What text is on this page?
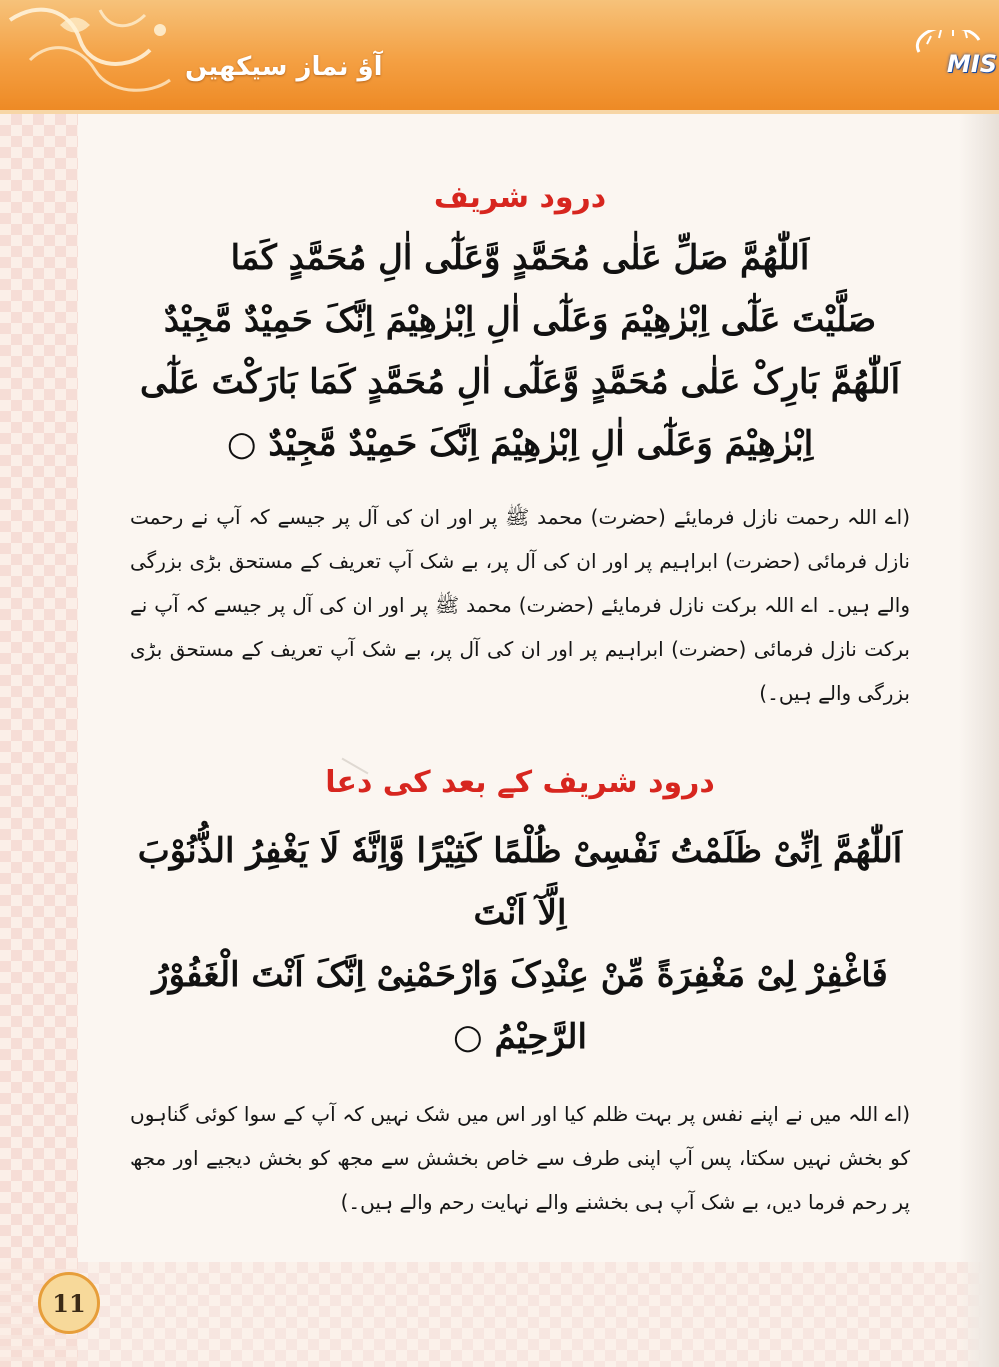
آؤ نماز سیکھیں	MIS
درود شریف
اَللّٰهُمَّ صَلِّ عَلٰی مُحَمَّدٍ وَّعَلٰٓی اٰلِ مُحَمَّدٍ کَمَا
صَلَّیْتَ عَلٰٓی اِبْرٰهِیْمَ وَعَلٰٓی اٰلِ اِبْرٰهِیْمَ اِنَّکَ حَمِیْدٌ مَّجِیْدٌ
اَللّٰهُمَّ بَارِکْ عَلٰی مُحَمَّدٍ وَّعَلٰٓی اٰلِ مُحَمَّدٍ کَمَا بَارَکْتَ عَلٰٓی
اِبْرٰهِیْمَ وَعَلٰٓی اٰلِ اِبْرٰهِیْمَ اِنَّکَ حَمِیْدٌ مَّجِیْدٌ ○

(اے اللہ رحمت نازل فرمایئے (حضرت) محمد ﷺ پر اور ان کی آل پر جیسے کہ آپ نے رحمت نازل فرمائی (حضرت) ابراہیم پر اور ان کی آل پر، بے شک آپ تعریف کے مستحق بڑی بزرگی والے ہیں۔ اے اللہ برکت نازل فرمایئے (حضرت) محمد ﷺ پر اور ان کی آل پر جیسے کہ آپ نے برکت نازل فرمائی (حضرت) ابراہیم پر اور ان کی آل پر، بے شک آپ تعریف کے مستحق بڑی بزرگی والے ہیں۔)

درود شریف کے بعد کی دعا
اَللّٰهُمَّ اِنِّیْ ظَلَمْتُ نَفْسِیْ ظُلْمًا کَثِیْرًا وَّاِنَّهٗ لَا یَغْفِرُ الذُّنُوْبَ اِلَّآ اَنْتَ
فَاغْفِرْ لِیْ مَغْفِرَةً مِّنْ عِنْدِکَ وَارْحَمْنِیْ اِنَّکَ اَنْتَ الْغَفُوْرُ الرَّحِیْمُ ○

(اے اللہ میں نے اپنے نفس پر بہت ظلم کیا اور اس میں شک نہیں کہ آپ کے سوا کوئی گناہوں کو بخش نہیں سکتا، پس آپ اپنی طرف سے خاص بخشش سے مجھ کو بخش دیجیے اور مجھ پر رحم فرما دیں، بے شک آپ ہی بخشنے والے نہایت رحم والے ہیں۔)

11
